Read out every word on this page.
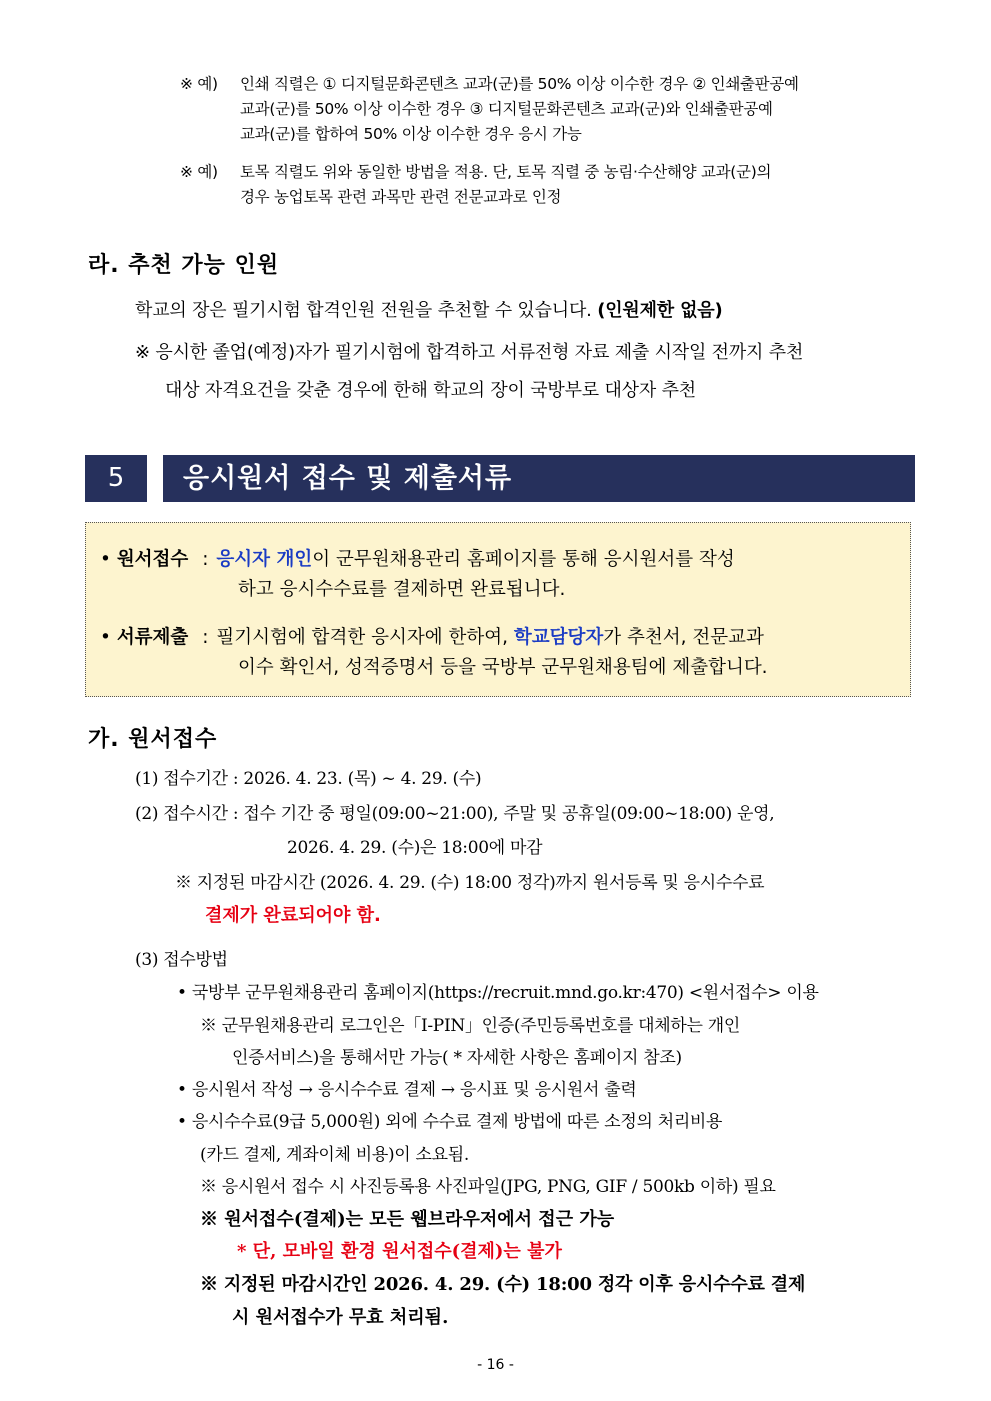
※ 예) 인쇄 직렬은 ① 디지털문화콘텐츠 교과(군)를 50% 이상 이수한 경우 ② 인쇄출판공예
교과(군)를 50% 이상 이수한 경우 ③ 디지털문화콘텐츠 교과(군)와 인쇄출판공예
교과(군)를 합하여 50% 이상 이수한 경우 응시 가능
※ 예) 토목 직렬도 위와 동일한 방법을 적용. 단, 토목 직렬 중 농림·수산해양 교과(군)의
경우 농업토목 관련 과목만 관련 전문교과로 인정
라. 추천 가능 인원
학교의 장은 필기시험 합격인원 전원을 추천할 수 있습니다. (인원제한 없음)
※ 응시한 졸업(예정)자가 필기시험에 합격하고 서류전형 자료 제출 시작일 전까지 추천
대상 자격요건을 갖춘 경우에 한해 학교의 장이 국방부로 대상자 추천
5	응시원서 접수 및 제출서류
• 원서접수 : 응시자 개인이 군무원채용관리 홈페이지를 통해 응시원서를 작성
하고 응시수수료를 결제하면 완료됩니다.
• 서류제출 : 필기시험에 합격한 응시자에 한하여, 학교담당자가 추천서, 전문교과
이수 확인서, 성적증명서 등을 국방부 군무원채용팀에 제출합니다.
가. 원서접수
(1) 접수기간 : 2026. 4. 23. (목) ~ 4. 29. (수)
(2) 접수시간 : 접수 기간 중 평일(09:00~21:00), 주말 및 공휴일(09:00~18:00) 운영,
2026. 4. 29. (수)은 18:00에 마감
※ 지정된 마감시간 (2026. 4. 29. (수) 18:00 정각)까지 원서등록 및 응시수수료
결제가 완료되어야 함.
(3) 접수방법
• 국방부 군무원채용관리 홈페이지(https://recruit.mnd.go.kr:470) <원서접수> 이용
※ 군무원채용관리 로그인은「I-PIN」인증(주민등록번호를 대체하는 개인
인증서비스)을 통해서만 가능( * 자세한 사항은 홈페이지 참조)
• 응시원서 작성 → 응시수수료 결제 → 응시표 및 응시원서 출력
• 응시수수료(9급 5,000원) 외에 수수료 결제 방법에 따른 소정의 처리비용
(카드 결제, 계좌이체 비용)이 소요됨.
※ 응시원서 접수 시 사진등록용 사진파일(JPG, PNG, GIF / 500kb 이하) 필요
※ 원서접수(결제)는 모든 웹브라우저에서 접근 가능
* 단, 모바일 환경 원서접수(결제)는 불가
※ 지정된 마감시간인 2026. 4. 29. (수) 18:00 정각 이후 응시수수료 결제
시 원서접수가 무효 처리됨.
- 16 -
